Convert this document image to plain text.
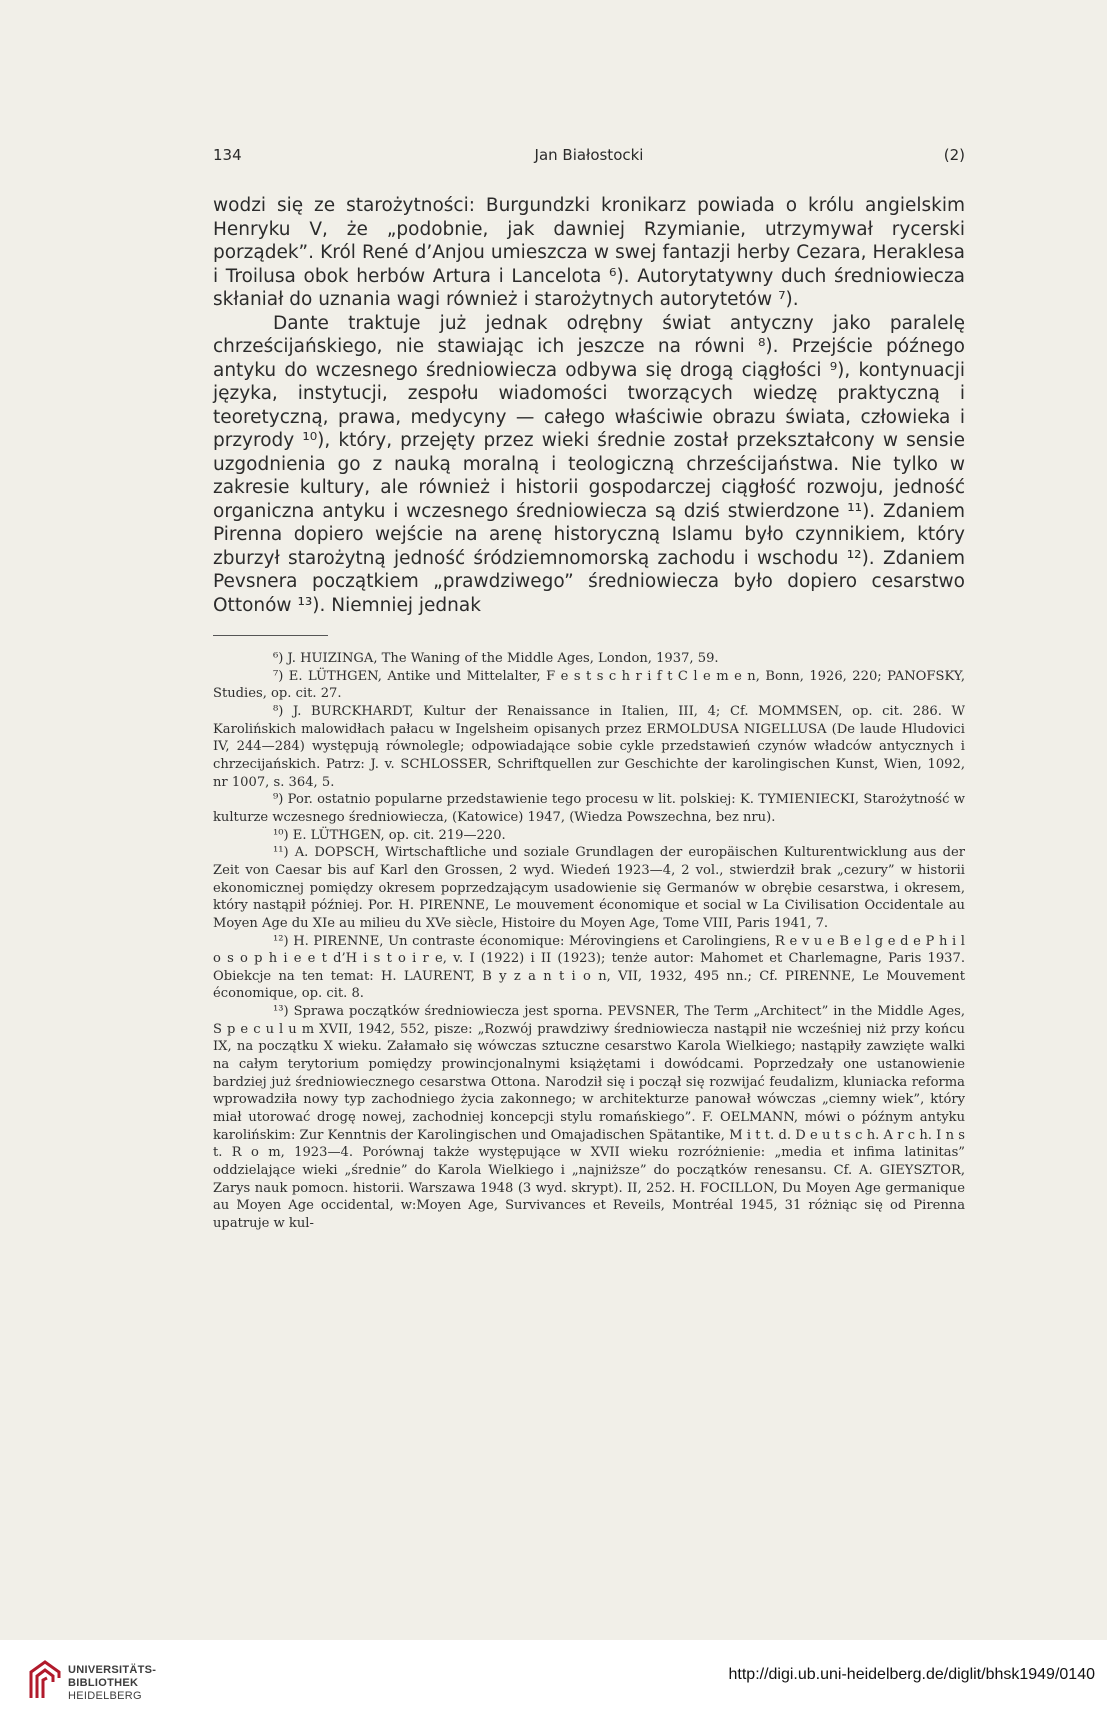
134	Jan Białostocki	(2)

wodzi się ze starożytności: Burgundzki kronikarz powiada o królu angielskim Henryku V, że „podobnie, jak dawniej Rzymianie, utrzymywał rycerski porządek”. Król René d’Anjou umieszcza w swej fantazji herby Cezara, Heraklesa i Troilusa obok herbów Artura i Lancelota ⁶). Autorytatywny duch średniowiecza skłaniał do uznania wagi również i starożytnych autorytetów ⁷).

Dante traktuje już jednak odrębny świat antyczny jako paralelę chrześcijańskiego, nie stawiając ich jeszcze na równi ⁸). Przejście późnego antyku do wczesnego średniowiecza odbywa się drogą ciągłości ⁹), kontynuacji języka, instytucji, zespołu wiadomości tworzących wiedzę praktyczną i teoretyczną, prawa, medycyny — całego właściwie obrazu świata, człowieka i przyrody ¹⁰), który, przejęty przez wieki średnie został przekształcony w sensie uzgodnienia go z nauką moralną i teologiczną chrześcijaństwa. Nie tylko w zakresie kultury, ale również i historii gospodarczej ciągłość rozwoju, jedność organiczna antyku i wczesnego średniowiecza są dziś stwierdzone ¹¹). Zdaniem Pirenna dopiero wejście na arenę historyczną Islamu było czynnikiem, który zburzył starożytną jedność śródziemnomorską zachodu i wschodu ¹²). Zdaniem Pevsnera początkiem „prawdziwego” średniowiecza było dopiero cesarstwo Ottonów ¹³). Niemniej jednak

⁶) J. HUIZINGA, The Waning of the Middle Ages, London, 1937, 59.

⁷) E. LÜTHGEN, Antike und Mittelalter, F e s t s c h r i f t C l e m e n, Bonn, 1926, 220; PANOFSKY, Studies, op. cit. 27.

⁸) J. BURCKHARDT, Kultur der Renaissance in Italien, III, 4; Cf. MOMMSEN, op. cit. 286. W Karolińskich malowidłach pałacu w Ingelsheim opisanych przez ERMOLDUSA NIGELLUSA (De laude Hludovici IV, 244—284) występują równolegle; odpowiadające sobie cykle przedstawień czynów władców antycznych i chrzecijańskich. Patrz: J. v. SCHLOSSER, Schriftquellen zur Geschichte der karolingischen Kunst, Wien, 1092, nr 1007, s. 364, 5.

⁹) Por. ostatnio popularne przedstawienie tego procesu w lit. polskiej: K. TYMIENIECKI, Starożytność w kulturze wczesnego średniowiecza, (Katowice) 1947, (Wiedza Powszechna, bez nru).

¹⁰) E. LÜTHGEN, op. cit. 219—220.

¹¹) A. DOPSCH, Wirtschaftliche und soziale Grundlagen der europäischen Kulturentwicklung aus der Zeit von Caesar bis auf Karl den Grossen, 2 wyd. Wiedeń 1923—4, 2 vol., stwierdził brak „cezury” w historii ekonomicznej pomiędzy okresem poprzedzającym usadowienie się Germanów w obrębie cesarstwa, i okresem, który nastąpił później. Por. H. PIRENNE, Le mouvement économique et social w La Civilisation Occidentale au Moyen Age du XIe au milieu du XVe siècle, Histoire du Moyen Age, Tome VIII, Paris 1941, 7.

¹²) H. PIRENNE, Un contraste économique: Mérovingiens et Carolingiens, R e v u e B e l g e d e P h i l o s o p h i e e t d’H i s t o i r e, v. I (1922) i II (1923); tenże autor: Mahomet et Charlemagne, Paris 1937. Obiekcje na ten temat: H. LAURENT, B y z a n t i o n, VII, 1932, 495 nn.; Cf. PIRENNE, Le Mouvement économique, op. cit. 8.

¹³) Sprawa początków średniowiecza jest sporna. PEVSNER, The Term „Architect” in the Middle Ages, S p e c u l u m XVII, 1942, 552, pisze: „Rozwój prawdziwy średniowiecza nastąpił nie wcześniej niż przy końcu IX, na początku X wieku. Załamało się wówczas sztuczne cesarstwo Karola Wielkiego; nastąpiły zawzięte walki na całym terytorium pomiędzy prowincjonalnymi książętami i dowódcami. Poprzedzały one ustanowienie bardziej już średniowiecznego cesarstwa Ottona. Narodził się i począł się rozwijać feudalizm, kluniacka reforma wprowadziła nowy typ zachodniego życia zakonnego; w architekturze panował wówczas „ciemny wiek”, który miał utorować drogę nowej, zachodniej koncepcji stylu romańskiego”. F. OELMANN, mówi o późnym antyku karolińskim: Zur Kenntnis der Karolingischen und Omajadischen Spätantike, M i t t. d. D e u t s c h. A r c h. I n s t. R o m, 1923—4. Porównaj także występujące w XVII wieku rozróżnienie: „media et infima latinitas” oddzielające wieki „średnie” do Karola Wielkiego i „najniższe” do początków renesansu. Cf. A. GIEYSZTOR, Zarys nauk pomocn. historii. Warszawa 1948 (3 wyd. skrypt). II, 252. H. FOCILLON, Du Moyen Age germanique au Moyen Age occidental, w:Moyen Age, Survivances et Reveils, Montréal 1945, 31 różniąc się od Pirenna upatruje w kul-

UNIVERSITÄTS-
BIBLIOTHEK
HEIDELBERG
http://digi.ub.uni-heidelberg.de/diglit/bhsk1949/0140
